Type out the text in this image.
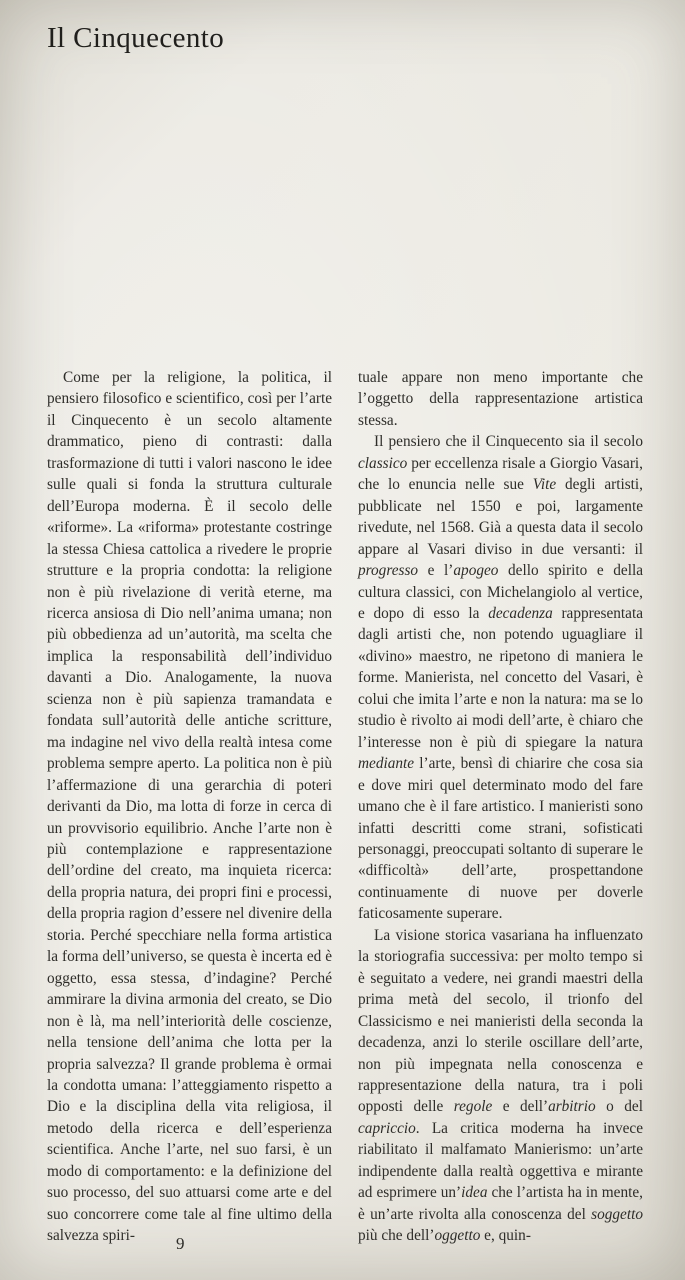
Il Cinquecento

Come per la religione, la politica, il pensiero filosofico e scientifico, così per l’arte il Cinquecento è un secolo altamente drammatico, pieno di contrasti: dalla trasformazione di tutti i valori nascono le idee sulle quali si fonda la struttura culturale dell’Europa moderna. È il secolo delle «riforme». La «riforma» protestante costringe la stessa Chiesa cattolica a rivedere le proprie strutture e la propria condotta: la religione non è più rivelazione di verità eterne, ma ricerca ansiosa di Dio nell’anima umana; non più obbedienza ad un’autorità, ma scelta che implica la responsabilità dell’individuo davanti a Dio. Analogamente, la nuova scienza non è più sapienza tramandata e fondata sull’autorità delle antiche scritture, ma indagine nel vivo della realtà intesa come problema sempre aperto. La politica non è più l’affermazione di una gerarchia di poteri derivanti da Dio, ma lotta di forze in cerca di un provvisorio equilibrio. Anche l’arte non è più contemplazione e rappresentazione dell’ordine del creato, ma inquieta ricerca: della propria natura, dei propri fini e processi, della propria ragion d’essere nel divenire della storia. Perché specchiare nella forma artistica la forma dell’universo, se questa è incerta ed è oggetto, essa stessa, d’indagine? Perché ammirare la divina armonia del creato, se Dio non è là, ma nell’interiorità delle coscienze, nella tensione dell’anima che lotta per la propria salvezza? Il grande problema è ormai la condotta umana: l’atteggiamento rispetto a Dio e la disciplina della vita religiosa, il metodo della ricerca e dell’esperienza scientifica. Anche l’arte, nel suo farsi, è un modo di comportamento: e la definizione del suo processo, del suo attuarsi come arte e del suo concorrere come tale al fine ultimo della salvezza spiri-

tuale appare non meno importante che l’oggetto della rappresentazione artistica stessa.

Il pensiero che il Cinquecento sia il secolo classico per eccellenza risale a Giorgio Vasari, che lo enuncia nelle sue Vite degli artisti, pubblicate nel 1550 e poi, largamente rivedute, nel 1568. Già a questa data il secolo appare al Vasari diviso in due versanti: il progresso e l’apogeo dello spirito e della cultura classici, con Michelangiolo al vertice, e dopo di esso la decadenza rappresentata dagli artisti che, non potendo uguagliare il «divino» maestro, ne ripetono di maniera le forme. Manierista, nel concetto del Vasari, è colui che imita l’arte e non la natura: ma se lo studio è rivolto ai modi dell’arte, è chiaro che l’interesse non è più di spiegare la natura mediante l’arte, bensì di chiarire che cosa sia e dove miri quel determinato modo del fare umano che è il fare artistico. I manieristi sono infatti descritti come strani, sofisticati personaggi, preoccupati soltanto di superare le «difficoltà» dell’arte, prospettandone continuamente di nuove per doverle faticosamente superare.

La visione storica vasariana ha influenzato la storiografia successiva: per molto tempo si è seguitato a vedere, nei grandi maestri della prima metà del secolo, il trionfo del Classicismo e nei manieristi della seconda la decadenza, anzi lo sterile oscillare dell’arte, non più impegnata nella conoscenza e rappresentazione della natura, tra i poli opposti delle regole e dell’arbitrio o del capriccio. La critica moderna ha invece riabilitato il malfamato Manierismo: un’arte indipendente dalla realtà oggettiva e mirante ad esprimere un’idea che l’artista ha in mente, è un’arte rivolta alla conoscenza del soggetto più che dell’oggetto e, quin-

9
